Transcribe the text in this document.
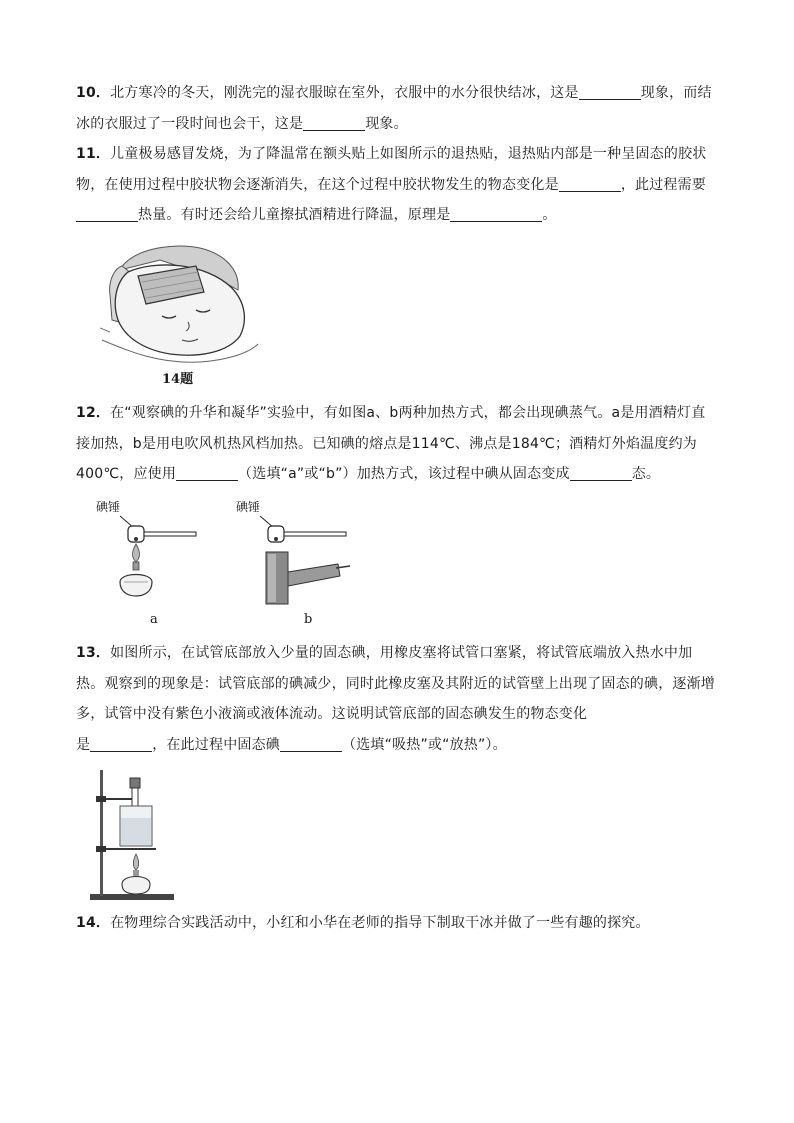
10．北方寒冷的冬天，刚洗完的湿衣服晾在室外，衣服中的水分很快结冰，这是	现象，而结冰的衣服过了一段时间也会干，这是	现象。

11．儿童极易感冒发烧，为了降温常在额头贴上如图所示的退热贴，退热贴内部是一种呈固态的胶状物，在使用过程中胶状物会逐渐消失，在这个过程中胶状物发生的物态变化是	，此过程需要热量。有时还会给儿童擦拭酒精进行降温，原理是	。

14题

12．在“观察碘的升华和凝华”实验中，有如图a、b两种加热方式，都会出现碘蒸气。a是用酒精灯直接加热，b是用电吹风机热风档加热。已知碘的熔点是114℃、沸点是184℃；酒精灯外焰温度约为400℃，应使用	（选填“a”或“b”）加热方式，该过程中碘从固态变成	态。

碘锤
a
碘锤
b

13．如图所示，在试管底部放入少量的固态碘，用橡皮塞将试管口塞紧，将试管底端放入热水中加热。观察到的现象是：试管底部的碘减少，同时此橡皮塞及其附近的试管壁上出现了固态的碘，逐渐增多，试管中没有紫色小液滴或液体流动。这说明试管底部的固态碘发生的物态变化
是	，在此过程中固态碘	（选填“吸热”或“放热”）。

14．在物理综合实践活动中，小红和小华在老师的指导下制取干冰并做了一些有趣的探究。
